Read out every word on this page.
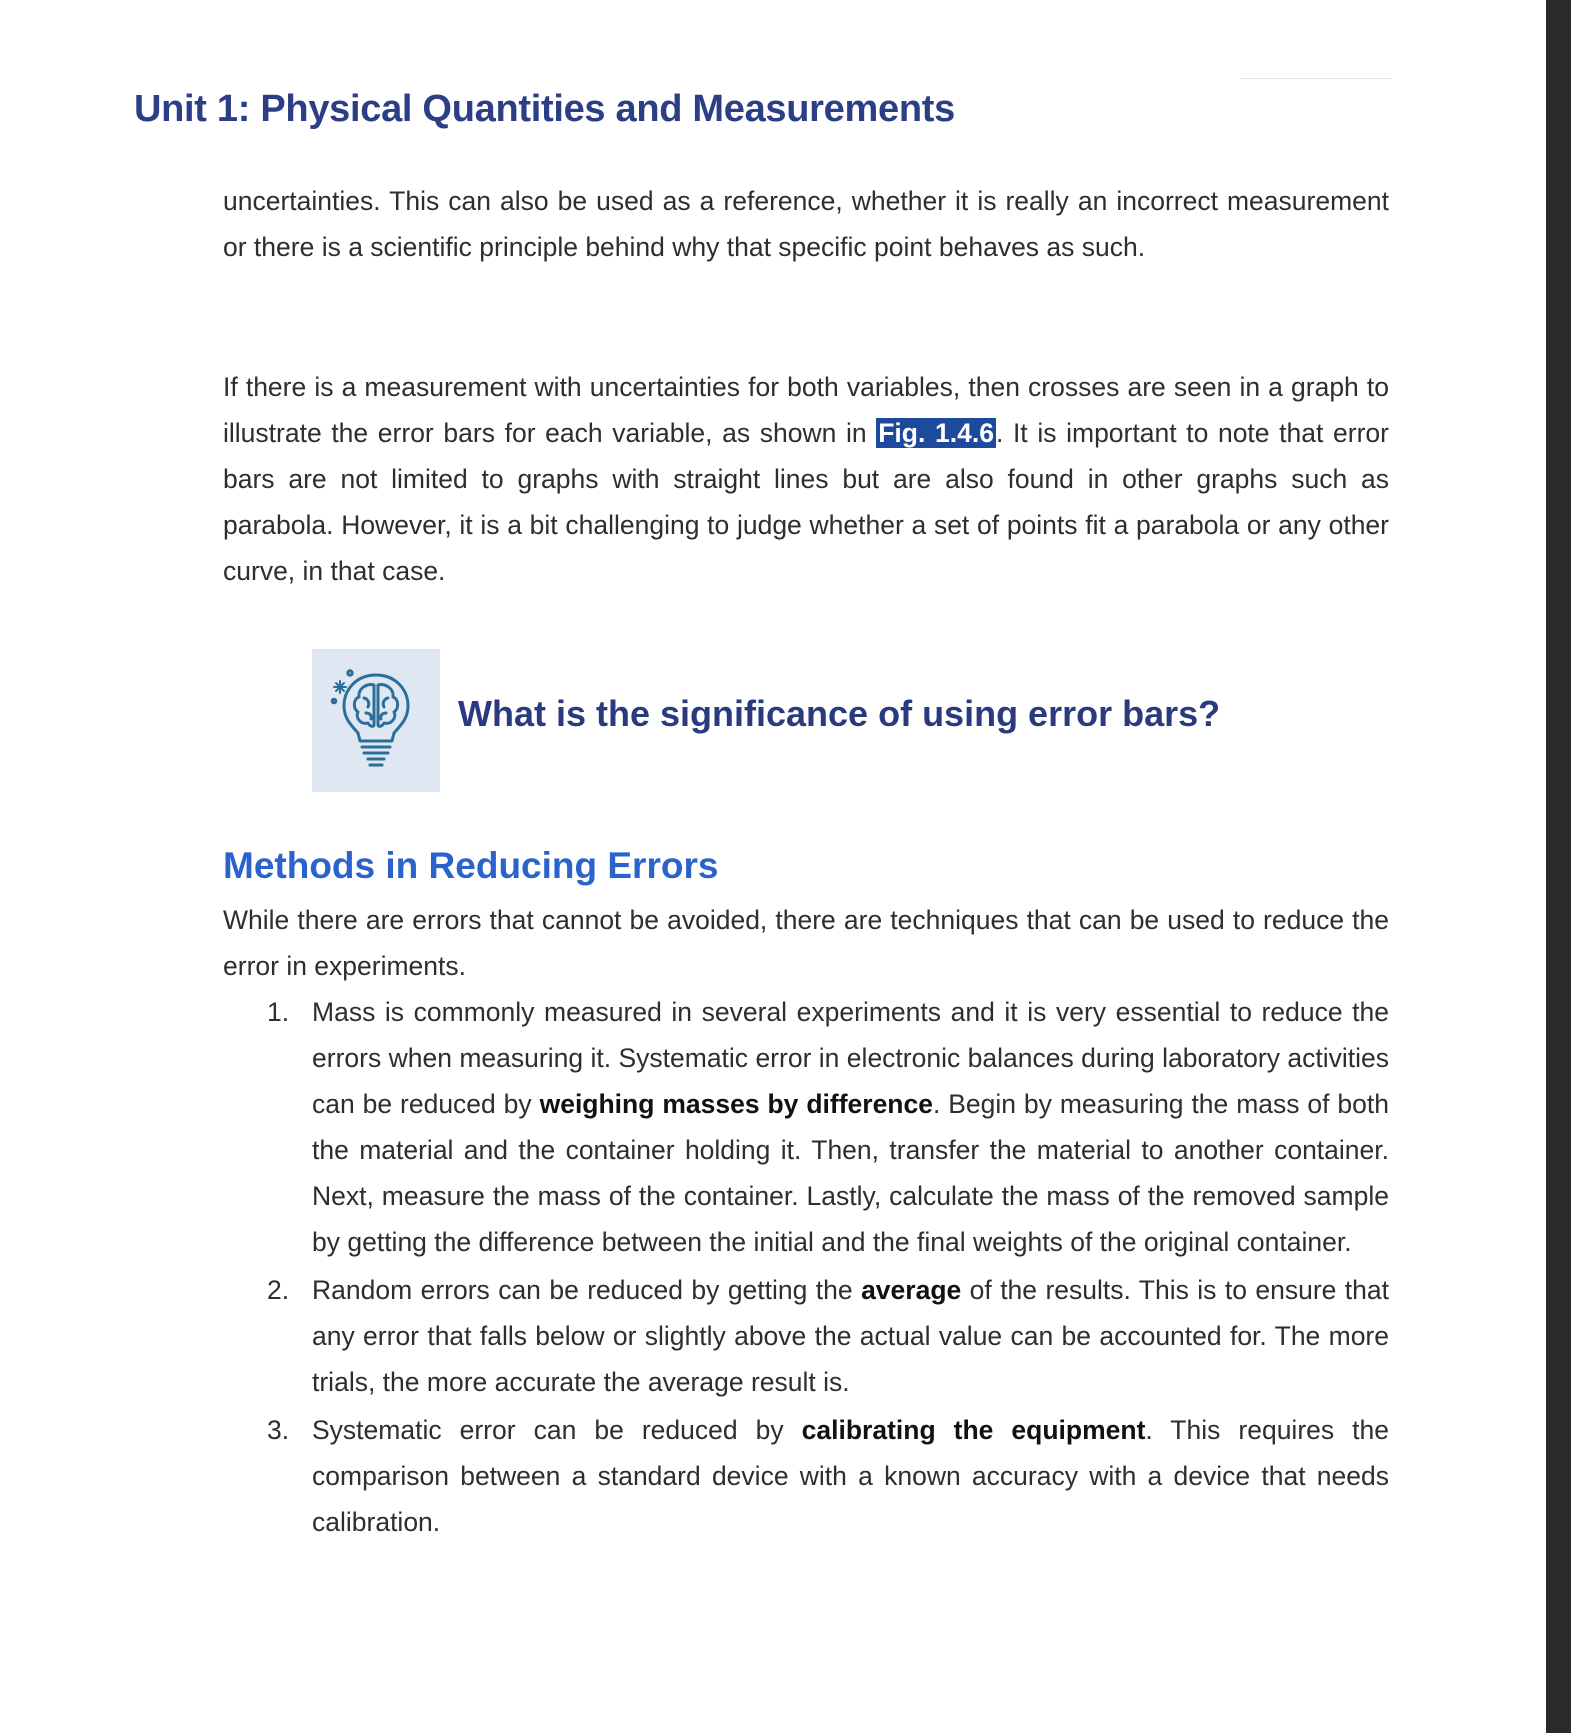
Unit 1: Physical Quantities and Measurements

uncertainties. This can also be used as a reference, whether it is really an incorrect measurement or there is a scientific principle behind why that specific point behaves as such.

If there is a measurement with uncertainties for both variables, then crosses are seen in a graph to illustrate the error bars for each variable, as shown in Fig. 1.4.6. It is important to note that error bars are not limited to graphs with straight lines but are also found in other graphs such as parabola. However, it is a bit challenging to judge whether a set of points fit a parabola or any other curve, in that case.

What is the significance of using error bars?
Methods in Reducing Errors

While there are errors that cannot be avoided, there are techniques that can be used to reduce the error in experiments.

1. Mass is commonly measured in several experiments and it is very essential to reduce the errors when measuring it. Systematic error in electronic balances during laboratory activities can be reduced by weighing masses by difference. Begin by measuring the mass of both the material and the container holding it. Then, transfer the material to another container. Next, measure the mass of the container. Lastly, calculate the mass of the removed sample by getting the difference between the initial and the final weights of the original container.
2. Random errors can be reduced by getting the average of the results. This is to ensure that any error that falls below or slightly above the actual value can be accounted for. The more trials, the more accurate the average result is.
3. Systematic error can be reduced by calibrating the equipment. This requires the comparison between a standard device with a known accuracy with a device that needs calibration.
